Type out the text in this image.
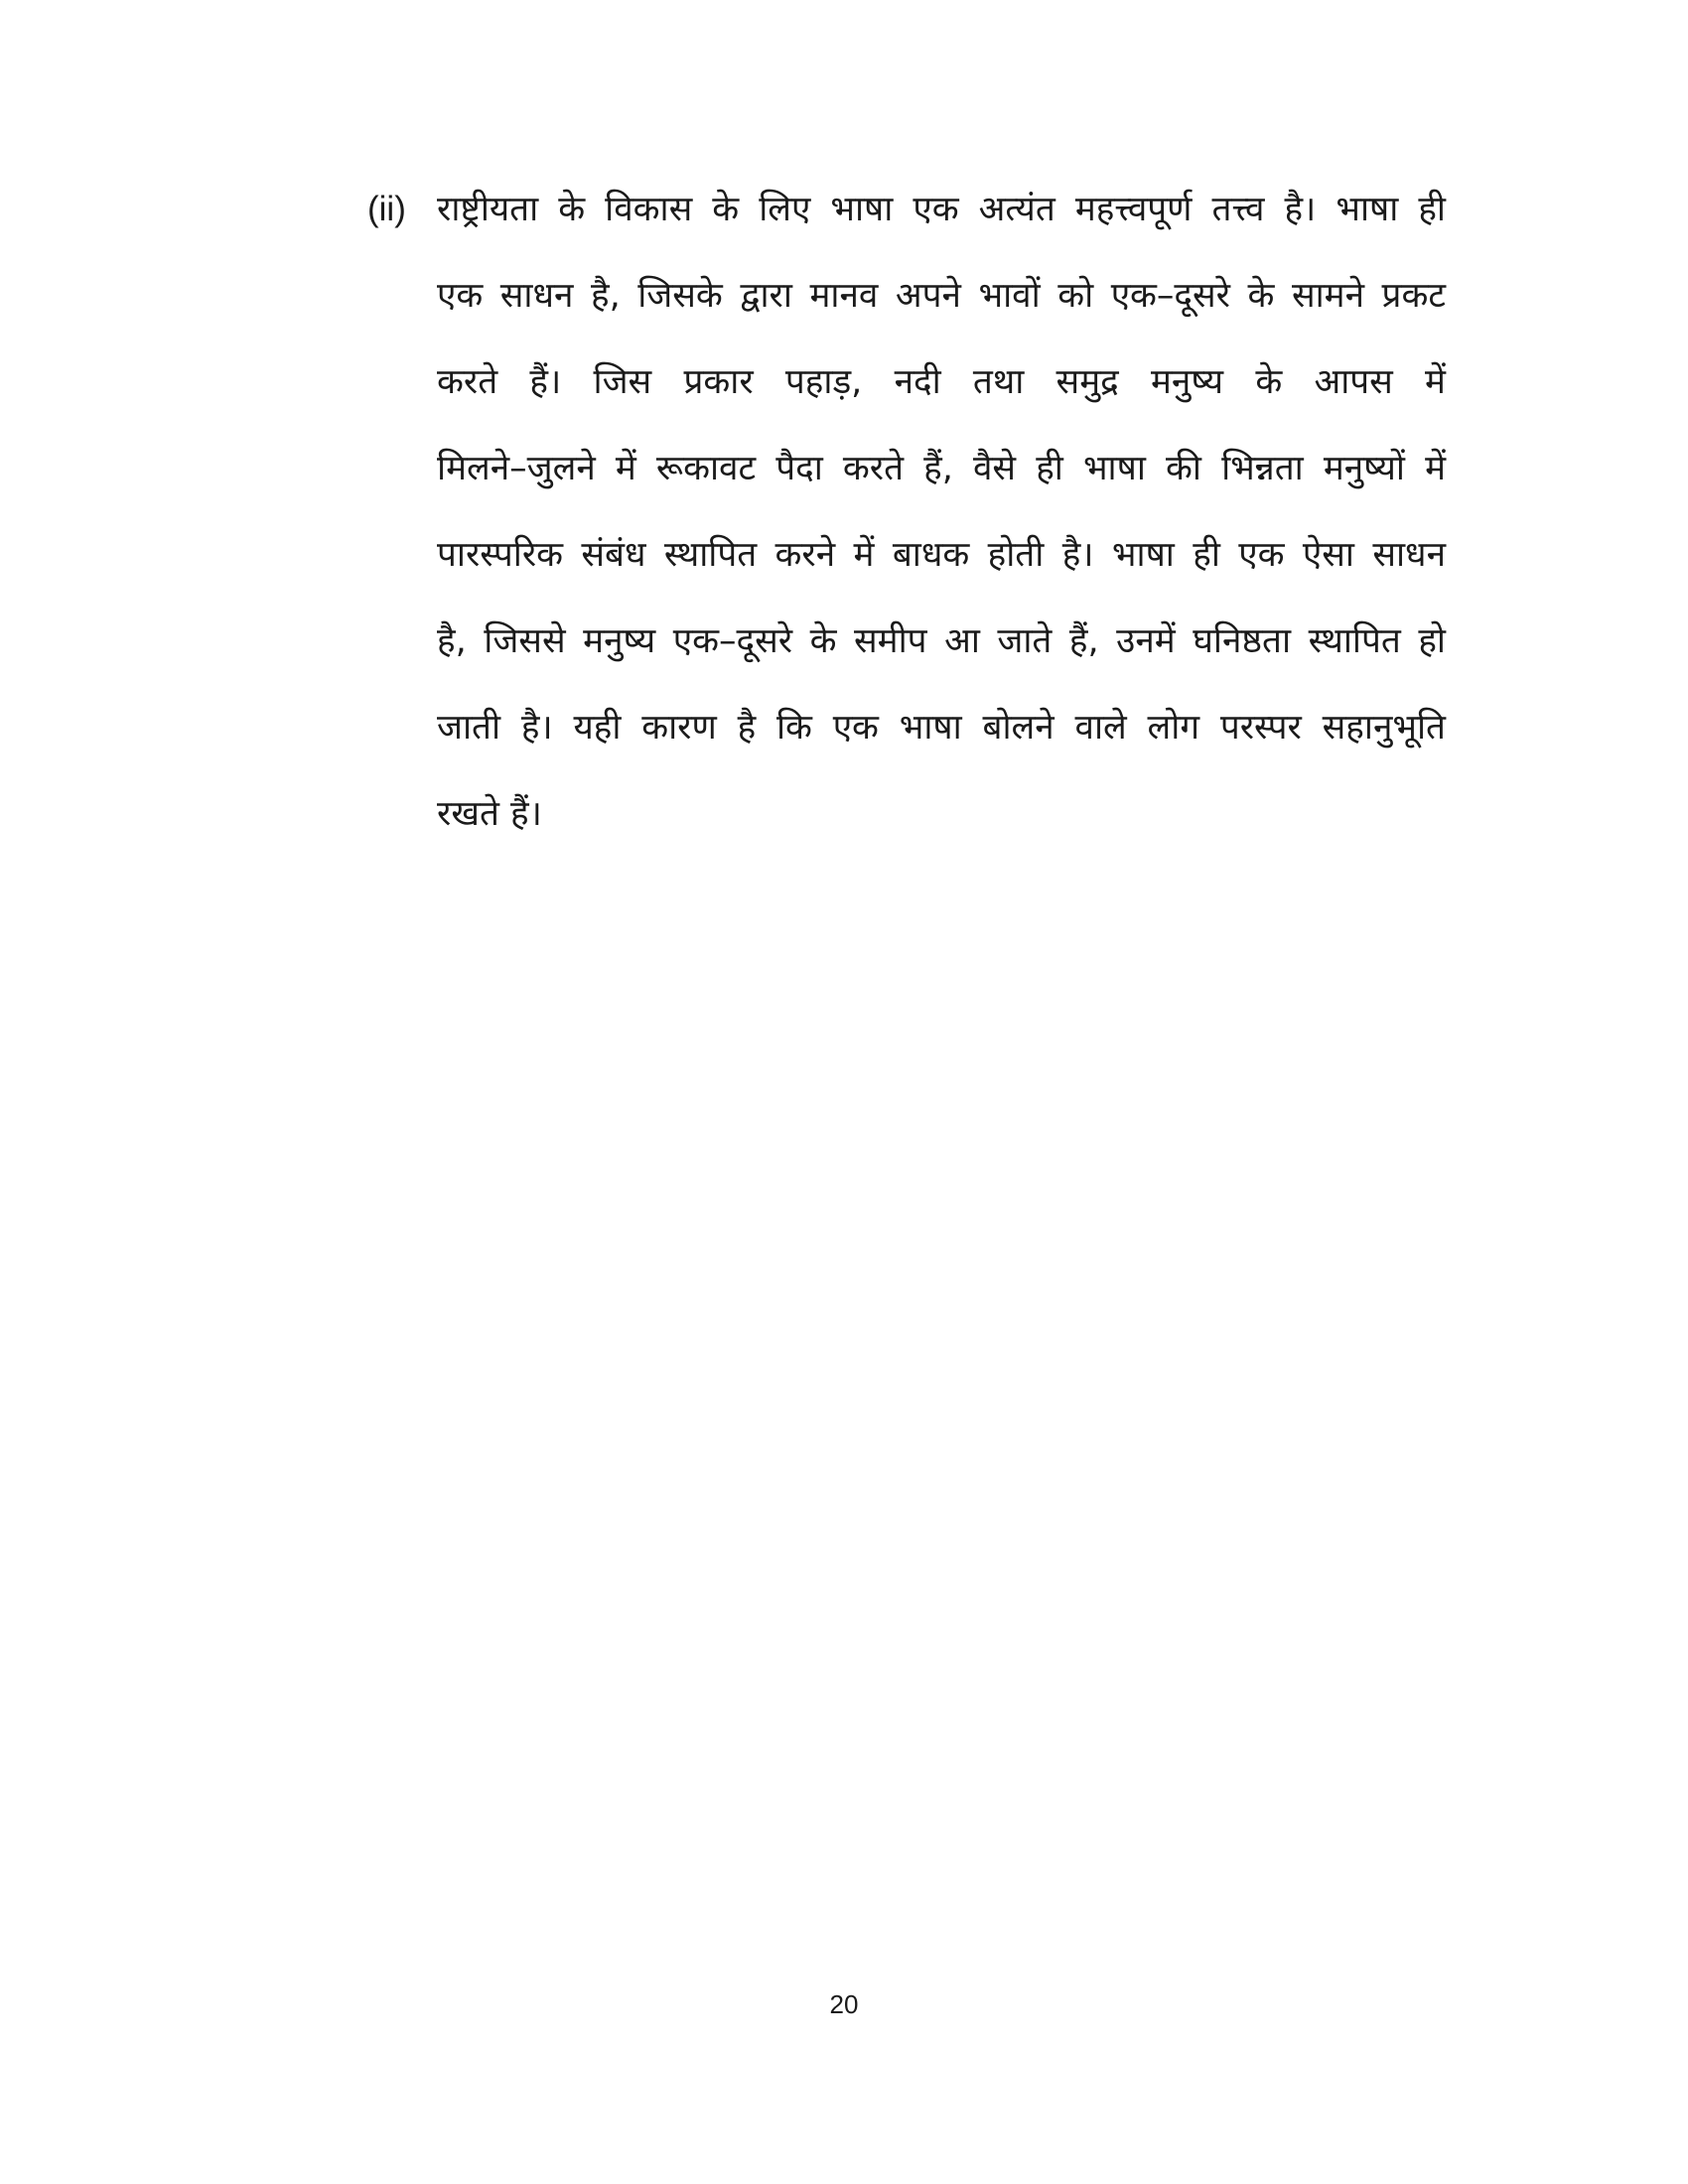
(ii) राष्ट्रीयता के विकास के लिए भाषा एक अत्यंत महत्त्वपूर्ण तत्त्व है। भाषा ही
एक साधन है, जिसके द्वारा मानव अपने भावों को एक–दूसरे के सामने प्रकट
करते हैं। जिस प्रकार पहाड़, नदी तथा समुद्र मनुष्य के आपस में
मिलने–जुलने में रूकावट पैदा करते हैं, वैसे ही भाषा की भिन्नता मनुष्यों में
पारस्परिक संबंध स्थापित करने में बाधक होती है। भाषा ही एक ऐसा साधन
है, जिससे मनुष्य एक–दूसरे के समीप आ जाते हैं, उनमें घनिष्ठता स्थापित हो
जाती है। यही कारण है कि एक भाषा बोलने वाले लोग परस्पर सहानुभूति
रखते हैं।
20
